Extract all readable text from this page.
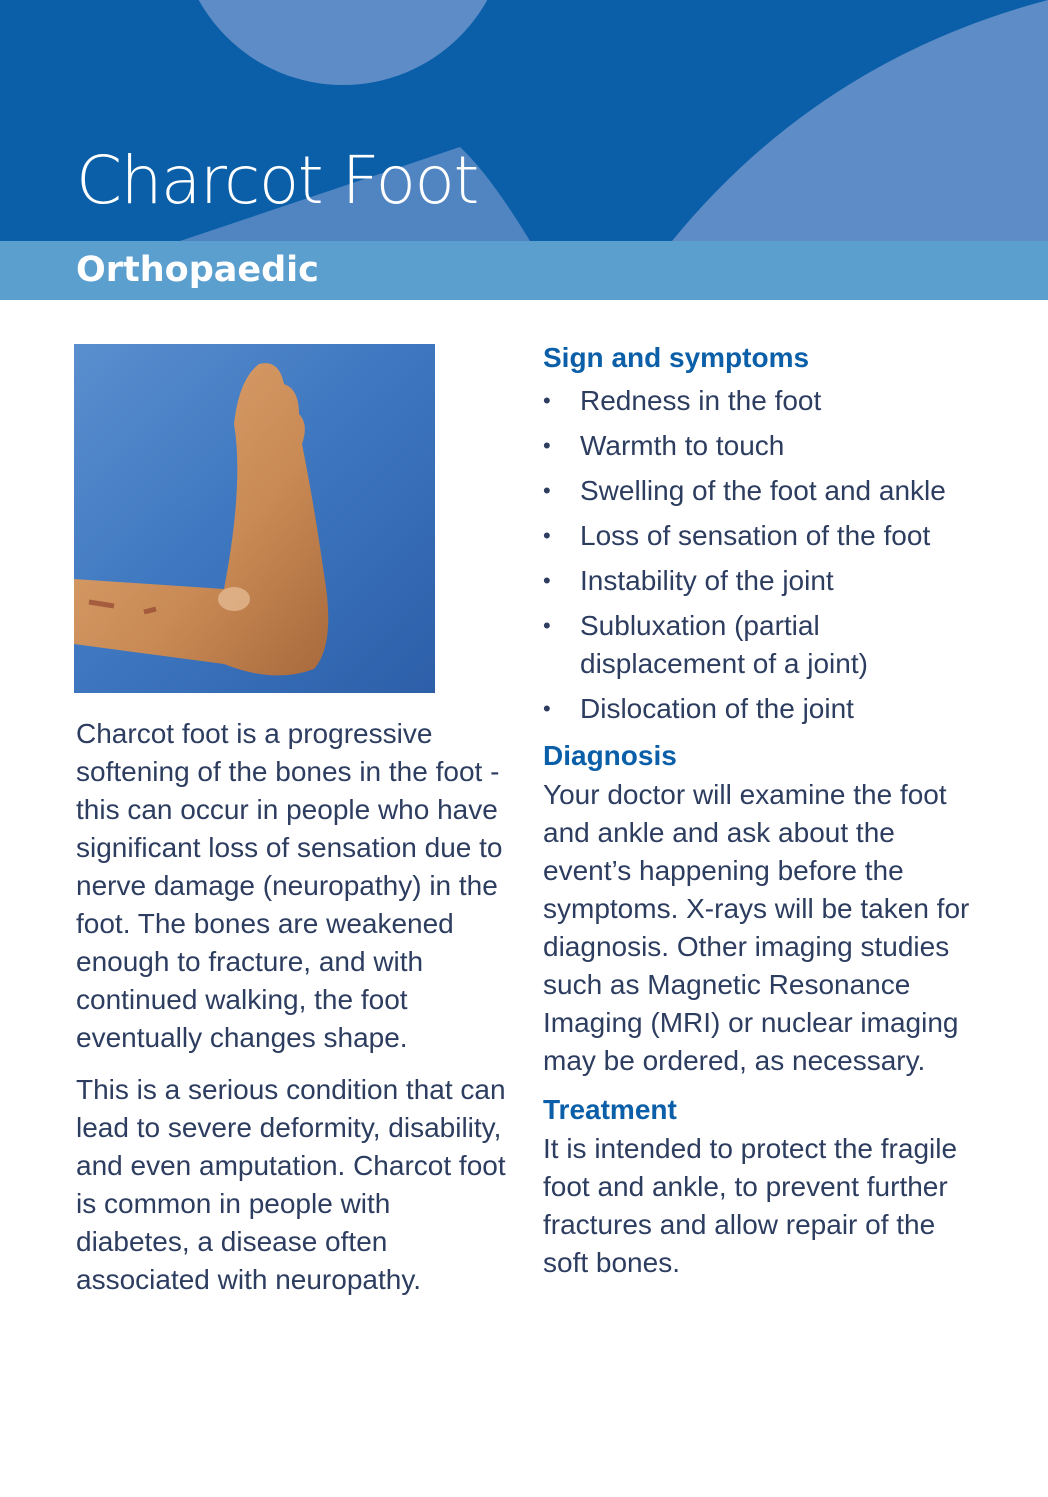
Charcot Foot
Orthopaedic

Charcot foot is a progressive softening of the bones in the foot - this can occur in people who have significant loss of sensation due to nerve damage (neuropathy) in the foot. The bones are weakened enough to fracture, and with continued walking, the foot eventually changes shape.

This is a serious condition that can lead to severe deformity, disability, and even amputation. Charcot foot is common in people with diabetes, a disease often associated with neuropathy.

Sign and symptoms
• Redness in the foot
• Warmth to touch
• Swelling of the foot and ankle
• Loss of sensation of the foot
• Instability of the joint
• Subluxation (partial displacement of a joint)
• Dislocation of the joint
Diagnosis

Your doctor will examine the foot and ankle and ask about the event’s happening before the symptoms. X-rays will be taken for diagnosis. Other imaging studies such as Magnetic Resonance Imaging (MRI) or nuclear imaging may be ordered, as necessary.

Treatment

It is intended to protect the fragile foot and ankle, to prevent further fractures and allow repair of the soft bones.
